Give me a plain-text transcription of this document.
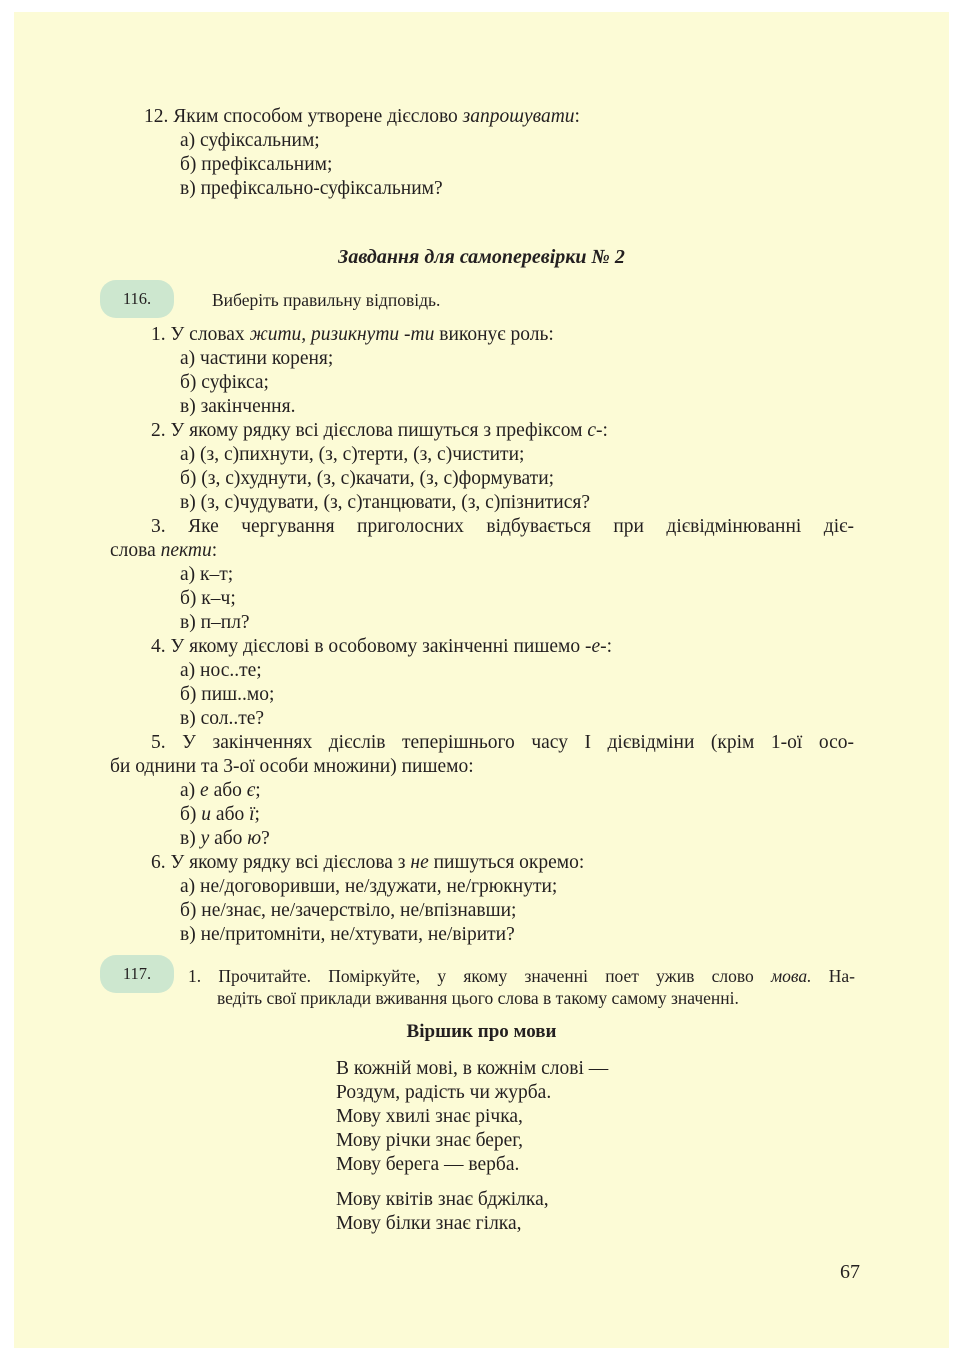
12. Яким способом утворене дієслово запрошувати:
а) суфіксальним;
б) префіксальним;
в) префіксально-суфіксальним?
Завдання для самоперевірки № 2
116.	Виберіть правильну відповідь.
1. У словах жити, ризикнути -ти виконує роль:
а) частини кореня;
б) суфікса;
в) закінчення.
2. У якому рядку всі дієслова пишуться з префіксом с-:
а) (з, с)пихнути, (з, с)терти, (з, с)чистити;
б) (з, с)худнути, (з, с)качати, (з, с)формувати;
в) (з, с)чудувати, (з, с)танцювати, (з, с)пізнитися?
3. Яке чергування приголосних відбувається при дієвідмінюванні діє-
слова пекти:
а) к–т;
б) к–ч;
в) п–пл?
4. У якому дієслові в особовому закінченні пишемо -е-:
а) нос..те;
б) пиш..мо;
в) сол..те?
5. У закінченнях дієслів теперішнього часу І дієвідміни (крім 1-ої осо-
би однини та 3-ої особи множини) пишемо:
а) е або є;
б) и або ї;
в) у або ю?
6. У якому рядку всі дієслова з не пишуться окремо:
а) не/договоривши, не/здужати, не/грюкнути;
б) не/знає, не/зачерствіло, не/впізнавши;
в) не/притомніти, не/хтувати, не/вірити?
117.	1. Прочитайте. Поміркуйте, у якому значенні поет ужив слово мова. На-
ведіть свої приклади вживання цього слова в такому самому значенні.
Віршик про мови
В кожній мові, в кожнім слові —
Роздум, радість чи журба.
Мову хвилі знає річка,
Мову річки знає берег,
Мову берега — верба.
Мову квітів знає бджілка,
Мову білки знає гілка,
67
